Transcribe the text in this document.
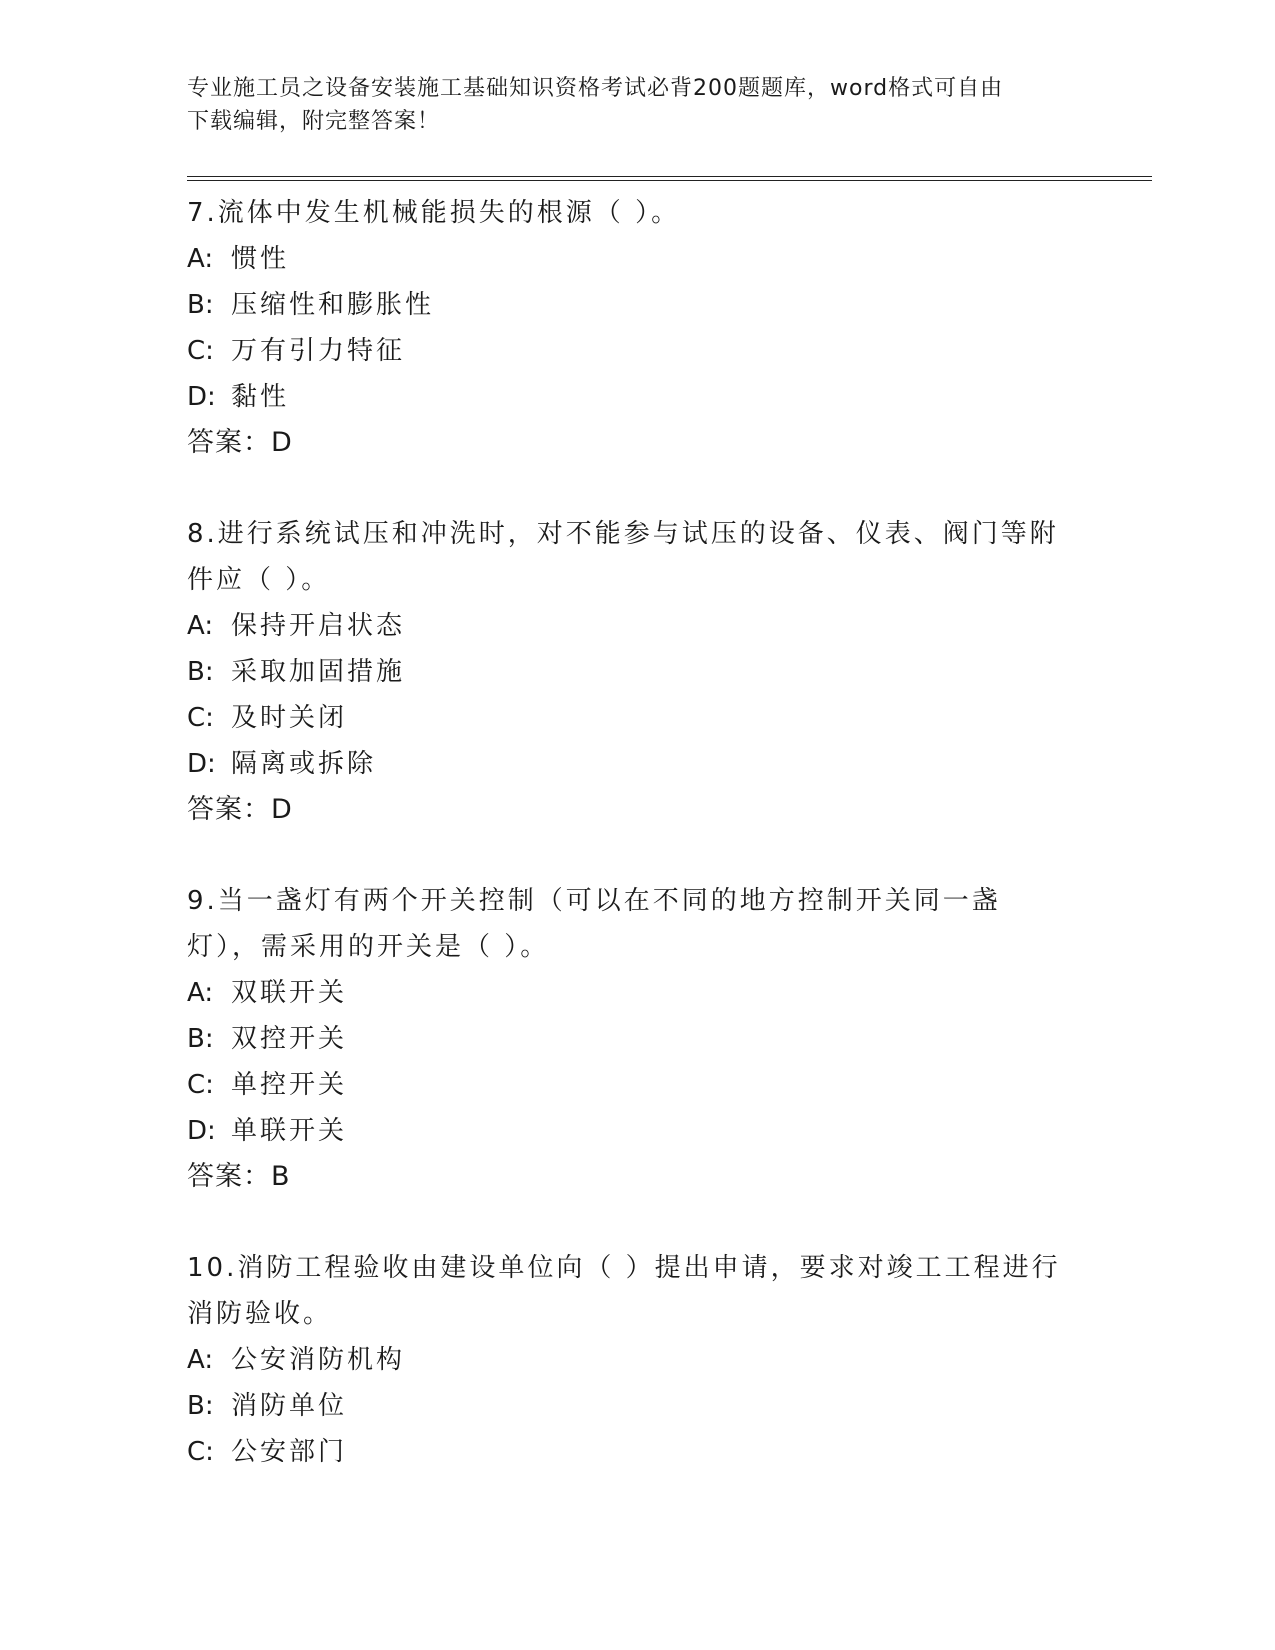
专业施工员之设备安装施工基础知识资格考试必背200题题库，word格式可自由
下载编辑，附完整答案！
7.流体中发生机械能损失的根源（ ）。
A: 惯性
B: 压缩性和膨胀性
C: 万有引力特征
D: 黏性
答案：D
8.进行系统试压和冲洗时，对不能参与试压的设备、仪表、阀门等附件应（ ）。
A: 保持开启状态
B: 采取加固措施
C: 及时关闭
D: 隔离或拆除
答案：D
9.当一盏灯有两个开关控制（可以在不同的地方控制开关同一盏灯），需采用的开关是（ ）。
A: 双联开关
B: 双控开关
C: 单控开关
D: 单联开关
答案：B
10.消防工程验收由建设单位向（ ）提出申请，要求对竣工工程进行消防验收。
A: 公安消防机构
B: 消防单位
C: 公安部门
